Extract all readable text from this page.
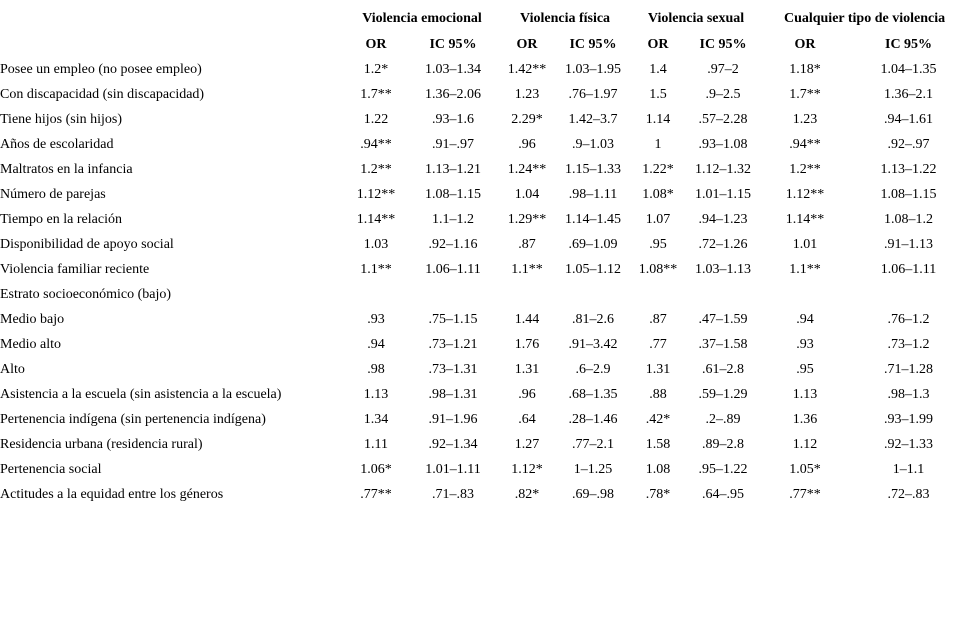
	Violencia emocional		Violencia física		Violencia sexual		Cualquier tipo de violencia	
	OR	IC 95%	OR	IC 95%	OR	IC 95%	OR	IC 95%
Posee un empleo (no posee empleo)	1.2*	1.03–1.34	1.42**	1.03–1.95	1.4	.97–2	1.18*	1.04–1.35
Con discapacidad (sin discapacidad)	1.7**	1.36–2.06	1.23	.76–1.97	1.5	.9–2.5	1.7**	1.36–2.1
Tiene hijos (sin hijos)	1.22	.93–1.6	2.29*	1.42–3.7	1.14	.57–2.28	1.23	.94–1.61
Años de escolaridad	.94**	.91–.97	.96	.9–1.03	1	.93–1.08	.94**	.92–.97
Maltratos en la infancia	1.2**	1.13–1.21	1.24**	1.15–1.33	1.22*	1.12–1.32	1.2**	1.13–1.22
Número de parejas	1.12**	1.08–1.15	1.04	.98–1.11	1.08*	1.01–1.15	1.12**	1.08–1.15
Tiempo en la relación	1.14**	1.1–1.2	1.29**	1.14–1.45	1.07	.94–1.23	1.14**	1.08–1.2
Disponibilidad de apoyo social	1.03	.92–1.16	.87	.69–1.09	.95	.72–1.26	1.01	.91–1.13
Violencia familiar reciente	1.1**	1.06–1.11	1.1**	1.05–1.12	1.08**	1.03–1.13	1.1**	1.06–1.11
Estrato socioeconómico (bajo)								
Medio bajo	.93	.75–1.15	1.44	.81–2.6	.87	.47–1.59	.94	.76–1.2
Medio alto	.94	.73–1.21	1.76	.91–3.42	.77	.37–1.58	.93	.73–1.2
Alto	.98	.73–1.31	1.31	.6–2.9	1.31	.61–2.8	.95	.71–1.28
Asistencia a la escuela (sin asistencia a la escuela)	1.13	.98–1.31	.96	.68–1.35	.88	.59–1.29	1.13	.98–1.3
Pertenencia indígena (sin pertenencia indígena)	1.34	.91–1.96	.64	.28–1.46	.42*	.2–.89	1.36	.93–1.99
Residencia urbana (residencia rural)	1.11	.92–1.34	1.27	.77–2.1	1.58	.89–2.8	1.12	.92–1.33
Pertenencia social	1.06*	1.01–1.11	1.12*	1–1.25	1.08	.95–1.22	1.05*	1–1.1
Actitudes a la equidad entre los géneros	.77**	.71–.83	.82*	.69–.98	.78*	.64–.95	.77**	.72–.83
